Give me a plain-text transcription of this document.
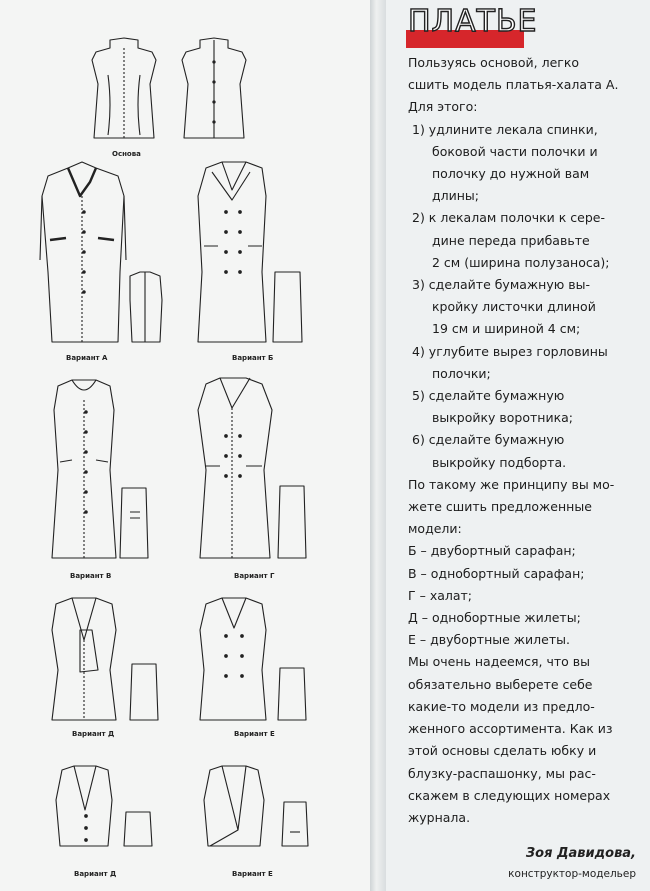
Основа
Вариант А	Вариант Б
Вариант В	Вариант Г
Вариант Д	Вариант Е
Вариант Д	Вариант Е
ПЛАТЬЕ

Пользуясь основой, легко

сшить модель платья-халата А.

Для этого:

1) удлините лекала спинки,

боковой части полочки и

полочку до нужной вам

длины;

2) к лекалам полочки к сере-

дине переда прибавьте

2 см (ширина полузаноса);

3) сделайте бумажную вы-

кройку листочки длиной

19 см и шириной 4 см;

4) углубите вырез горловины

полочки;

5) сделайте бумажную

выкройку воротника;

6) сделайте бумажную

выкройку подборта.

По такому же принципу вы мо-

жете сшить предложенные

модели:

Б – двубортный сарафан;

В – однобортный сарафан;

Г – халат;

Д – однобортные жилеты;

Е – двубортные жилеты.

Мы очень надеемся, что вы

обязательно выберете себе

какие-то модели из предло-

женного ассортимента. Как из

этой основы сделать юбку и

блузку-распашонку, мы рас-

скажем в следующих номерах

журнала.

Зоя Давидова,
конструктор-модельер
